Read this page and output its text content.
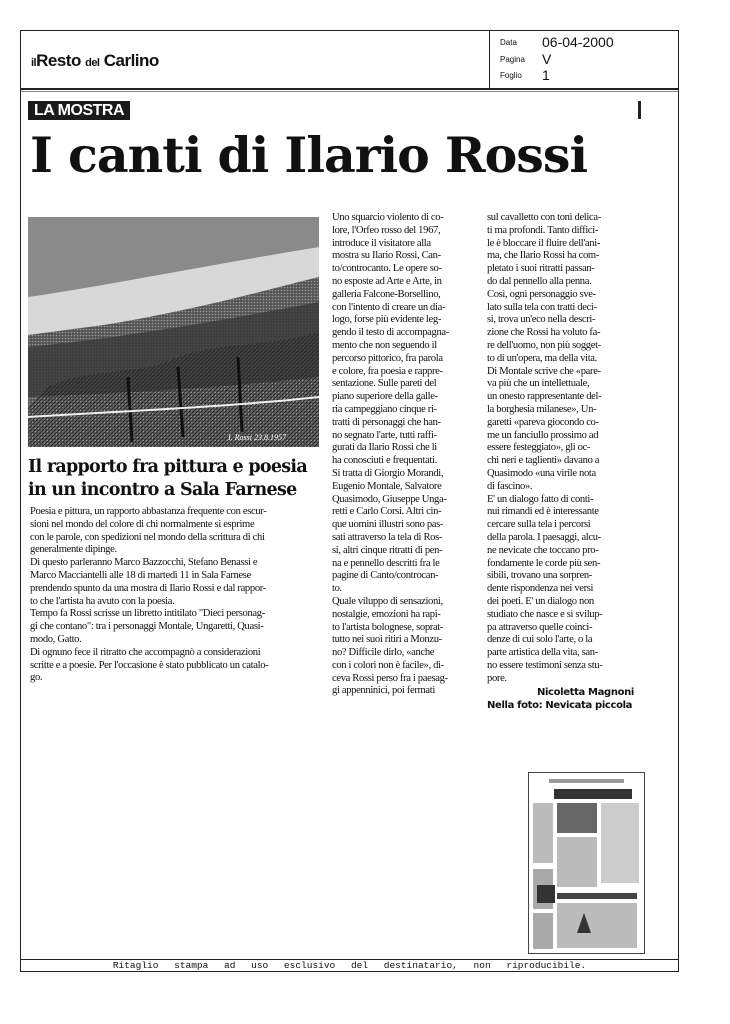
ilResto del Carlino
Data	06-04-2000
Pagina	V
Foglio	1
LA MOSTRA
I canti di Ilario Rossi
I. Rossi 23.8.1957
Il rapporto fra pittura e poesia
in un incontro a Sala Farnese
Poesia e pittura, un rapporto abbastanza frequente con escur-
sioni nel mondo del colore di chi normalmente si esprime
con le parole, con spedizioni nel mondo della scrittura di chi
generalmente dipinge.
Di questo parleranno Marco Bazzocchi, Stefano Benassi e
Marco Macciantelli alle 18 di martedì 11 in Sala Farnese
prendendo spunto da una mostra di Ilario Rossi e dal rappor-
to che l'artista ha avuto con la poesia.
Tempo fa Rossi scrisse un libretto intitilato "Dieci personag-
gi che contano": tra i personaggi Montale, Ungaretti, Quasi-
modo, Gatto.
Di ognuno fece il ritratto che accompagnò a considerazioni
scritte e a poesie. Per l'occasione è stato pubblicato un catalo-
go.
Uno squarcio violento di co-
lore, l'Orfeo rosso del 1967,
introduce il visitatore alla
mostra su Ilario Rossi, Can-
to/controcanto. Le opere so-
no esposte ad Arte e Arte, in
galleria Falcone-Borsellino,
con l'intento di creare un dia-
logo, forse più evidente leg-
gendo il testo di accompagna-
mento che non seguendo il
percorso pittorico, fra parola
e colore, fra poesia e rappre-
sentazione. Sulle pareti del
piano superiore della galle-
ria campeggiano cinque ri-
tratti di personaggi che han-
no segnato l'arte, tutti raffi-
gurati da Ilario Rossi che li
ha conosciuti e frequentati.
Si tratta di Giorgio Morandi,
Eugenio Montale, Salvatore
Quasimodo, Giuseppe Unga-
retti e Carlo Corsi. Altri cin-
que uomini illustri sono pas-
sati attraverso la tela di Ros-
si, altri cinque ritratti di pen-
na e pennello descritti fra le
pagine di Canto/controcan-
to.
Quale viluppo di sensazioni,
nostalgie, emozioni ha rapi-
to l'artista bolognese, soprat-
tutto nei suoi ritiri a Monzu-
no? Difficile dirlo, «anche
con i colori non è facile», di-
ceva Rossi perso fra i paesag-
gi appenninici, poi fermati
sul cavalletto con toni delica-
ti ma profondi. Tanto diffici-
le è bloccare il fluire dell'ani-
ma, che Ilario Rossi ha com-
pletato i suoi ritratti passan-
do dal pennello alla penna.
Così, ogni personaggio sve-
lato sulla tela con tratti deci-
si, trova un'eco nella descri-
zione che Rossi ha voluto fa-
re dell'uomo, non più sogget-
to di un'opera, ma della vita.
Di Montale scrive che «pare-
va più che un intellettuale,
un onesto rappresentante del-
la borghesia milanese», Un-
garetti «pareva giocondo co-
me un fanciullo prossimo ad
essere festeggiato», gli oc-
chi neri e taglienti» davano a
Quasimodo «una virile nota
di fascino».
E' un dialogo fatto di conti-
nui rimandi ed è interessante
cercare sulla tela i percorsi
della parola. I paesaggi, alcu-
ne nevicate che toccano pro-
fondamente le corde più sen-
sibili, trovano una sorpren-
dente rispondenza nei versi
dei poeti. E' un dialogo non
studiato che nasce e si svilup-
pa attraverso quelle coinci-
denze di cui solo l'arte, o la
parte artistica della vita, san-
no essere testimoni senza stu-
pore.
Nicoletta Magnoni
Nella foto: Nevicata piccola
Ritaglio stampa ad uso esclusivo del destinatario, non riproducibile.
